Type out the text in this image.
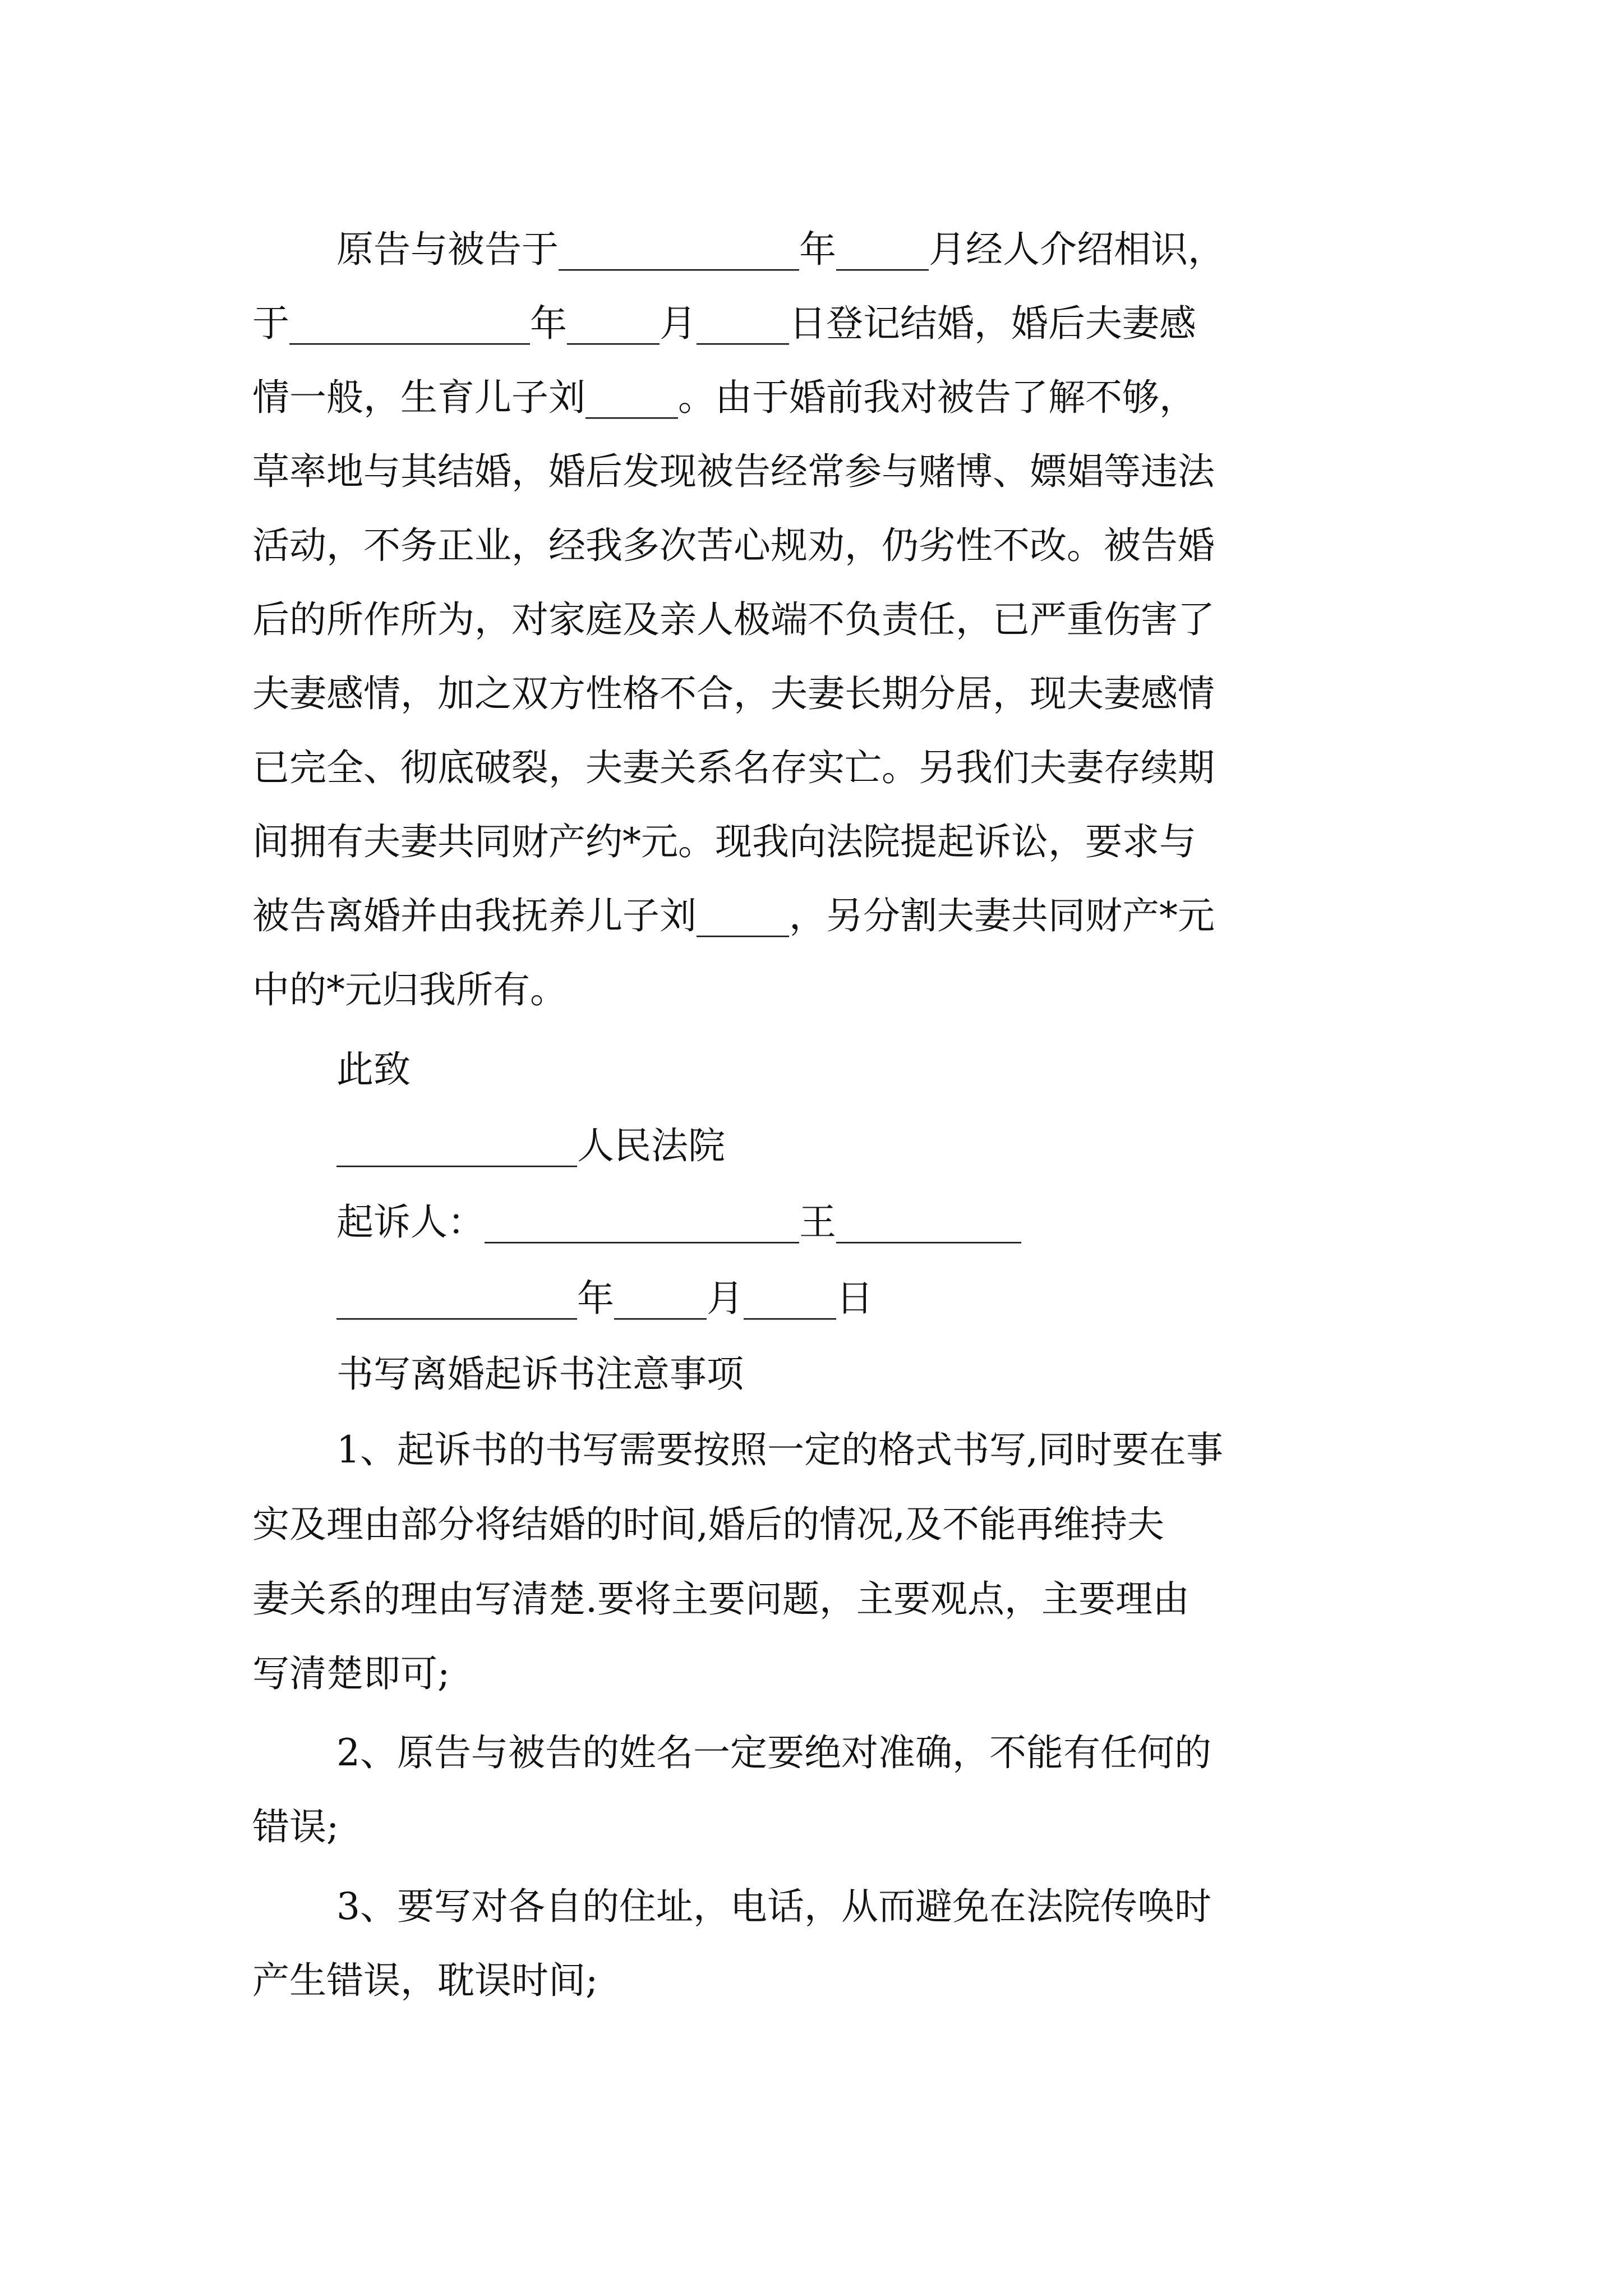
原告与被告于_____________年_____月经人介绍相识，
于_____________年_____月_____日登记结婚，婚后夫妻感
情一般，生育儿子刘_____。由于婚前我对被告了解不够，
草率地与其结婚，婚后发现被告经常参与赌博、嫖娼等违法
活动，不务正业，经我多次苦心规劝，仍劣性不改。被告婚
后的所作所为，对家庭及亲人极端不负责任，已严重伤害了
夫妻感情，加之双方性格不合，夫妻长期分居，现夫妻感情
已完全、彻底破裂，夫妻关系名存实亡。另我们夫妻存续期
间拥有夫妻共同财产约*元。现我向法院提起诉讼，要求与
被告离婚并由我抚养儿子刘_____，另分割夫妻共同财产*元
中的*元归我所有。
此致
_____________人民法院
起诉人：_________________王__________
_____________年_____月_____日
书写离婚起诉书注意事项
1、起诉书的书写需要按照一定的格式书写,同时要在事
实及理由部分将结婚的时间,婚后的情况,及不能再维持夫
妻关系的理由写清楚.要将主要问题，主要观点，主要理由
写清楚即可;
2、原告与被告的姓名一定要绝对准确，不能有任何的
错误;
3、要写对各自的住址，电话，从而避免在法院传唤时
产生错误，耽误时间;
